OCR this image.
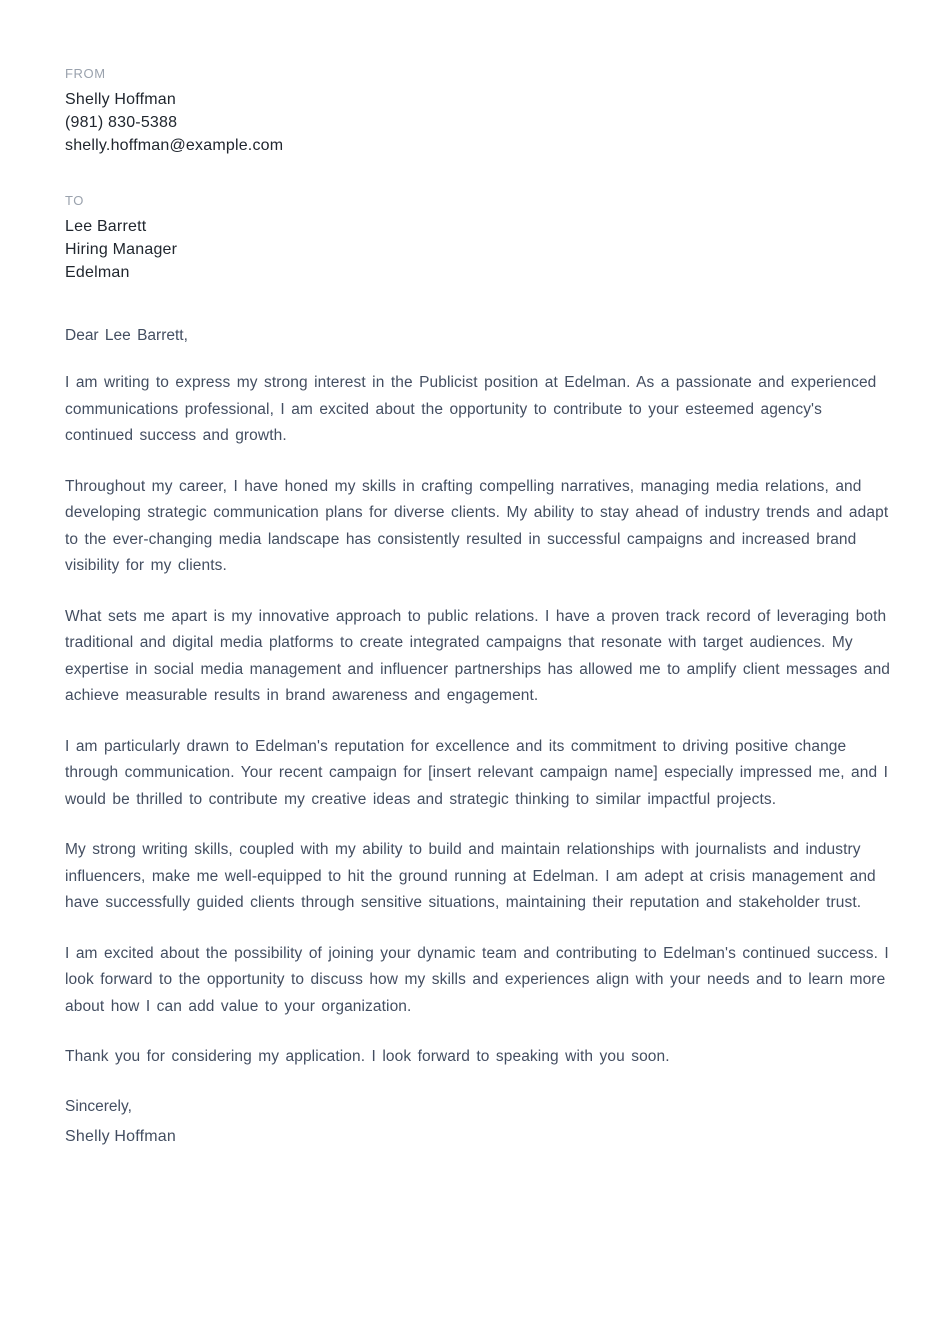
FROM
Shelly Hoffman
(981) 830-5388
shelly.hoffman@example.com
TO
Lee Barrett
Hiring Manager
Edelman
Dear Lee Barrett,

I am writing to express my strong interest in the Publicist position at Edelman. As a passionate and experienced communications professional, I am excited about the opportunity to contribute to your esteemed agency's continued success and growth.

Throughout my career, I have honed my skills in crafting compelling narratives, managing media relations, and developing strategic communication plans for diverse clients. My ability to stay ahead of industry trends and adapt to the ever-changing media landscape has consistently resulted in successful campaigns and increased brand visibility for my clients.

What sets me apart is my innovative approach to public relations. I have a proven track record of leveraging both traditional and digital media platforms to create integrated campaigns that resonate with target audiences. My expertise in social media management and influencer partnerships has allowed me to amplify client messages and achieve measurable results in brand awareness and engagement.

I am particularly drawn to Edelman's reputation for excellence and its commitment to driving positive change through communication. Your recent campaign for [insert relevant campaign name] especially impressed me, and I would be thrilled to contribute my creative ideas and strategic thinking to similar impactful projects.

My strong writing skills, coupled with my ability to build and maintain relationships with journalists and industry influencers, make me well-equipped to hit the ground running at Edelman. I am adept at crisis management and have successfully guided clients through sensitive situations, maintaining their reputation and stakeholder trust.

I am excited about the possibility of joining your dynamic team and contributing to Edelman's continued success. I look forward to the opportunity to discuss how my skills and experiences align with your needs and to learn more about how I can add value to your organization.

Thank you for considering my application. I look forward to speaking with you soon.

Sincerely,
Shelly Hoffman
